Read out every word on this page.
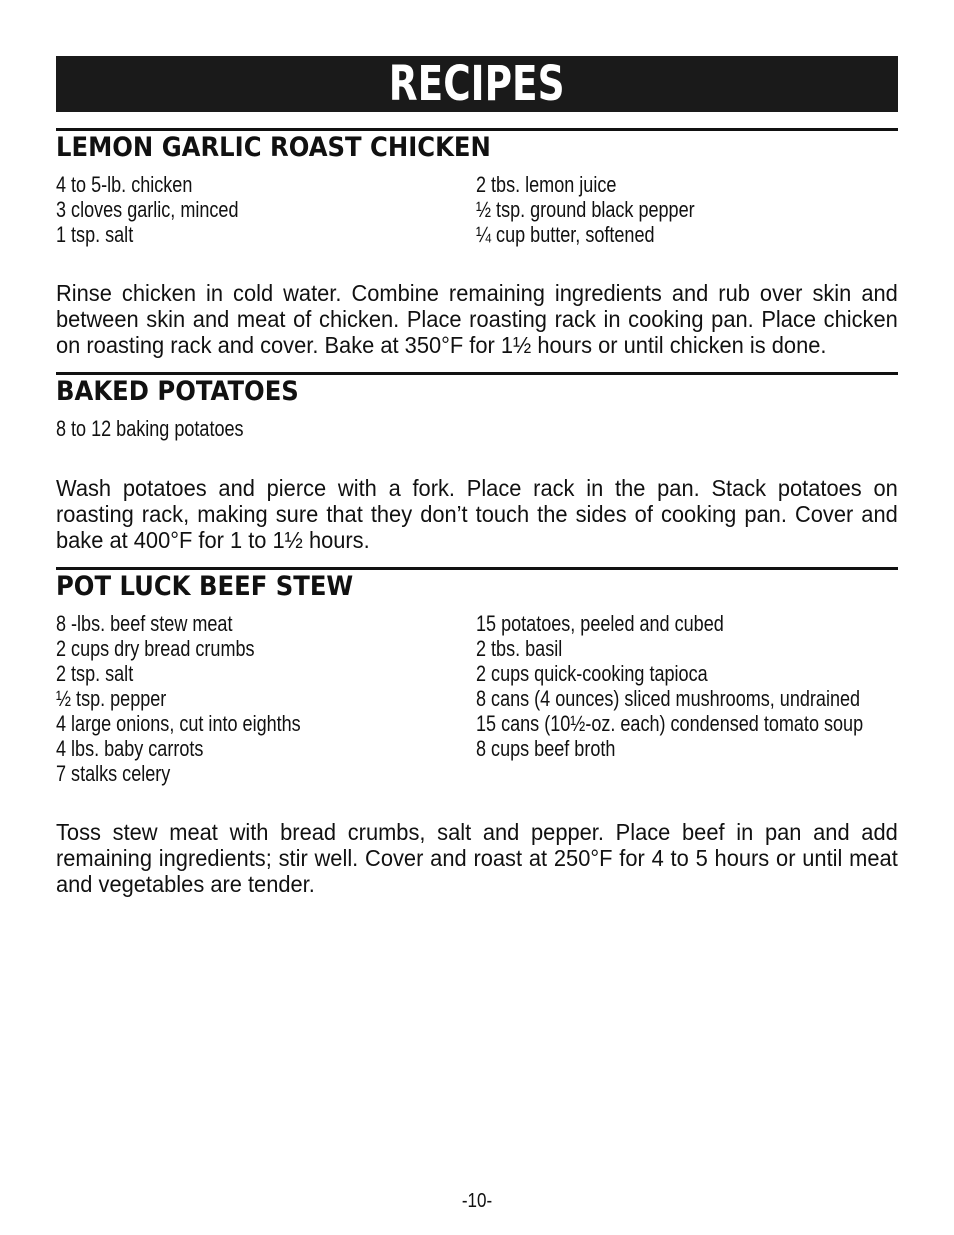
RECIPES
LEMON GARLIC ROAST CHICKEN
4 to 5-lb. chicken
3 cloves garlic, minced
1 tsp. salt
2 tbs. lemon juice
½ tsp. ground black pepper
¼ cup butter, softened

Rinse chicken in cold water. Combine remaining ingredients and rub over skin and between skin and meat of chicken. Place roasting rack in cooking pan. Place chicken on roasting rack and cover. Bake at 350°F for 1½ hours or until chicken is done.

BAKED POTATOES
8 to 12 baking potatoes

Wash potatoes and pierce with a fork. Place rack in the pan. Stack potatoes on roasting rack, making sure that they don’t touch the sides of cooking pan. Cover and bake at 400°F for 1 to 1½ hours.

POT LUCK BEEF STEW
8 -lbs. beef stew meat
2 cups dry bread crumbs
2 tsp. salt
½ tsp. pepper
4 large onions, cut into eighths
4 lbs. baby carrots
7 stalks celery
15 potatoes, peeled and cubed
2 tbs. basil
2 cups quick-cooking tapioca
8 cans (4 ounces) sliced mushrooms, undrained
15 cans (10½-oz. each) condensed tomato soup
8 cups beef broth

Toss stew meat with bread crumbs, salt and pepper. Place beef in pan and add remaining ingredients; stir well. Cover and roast at 250°F for 4 to 5 hours or until meat and vegetables are tender.

-10-
